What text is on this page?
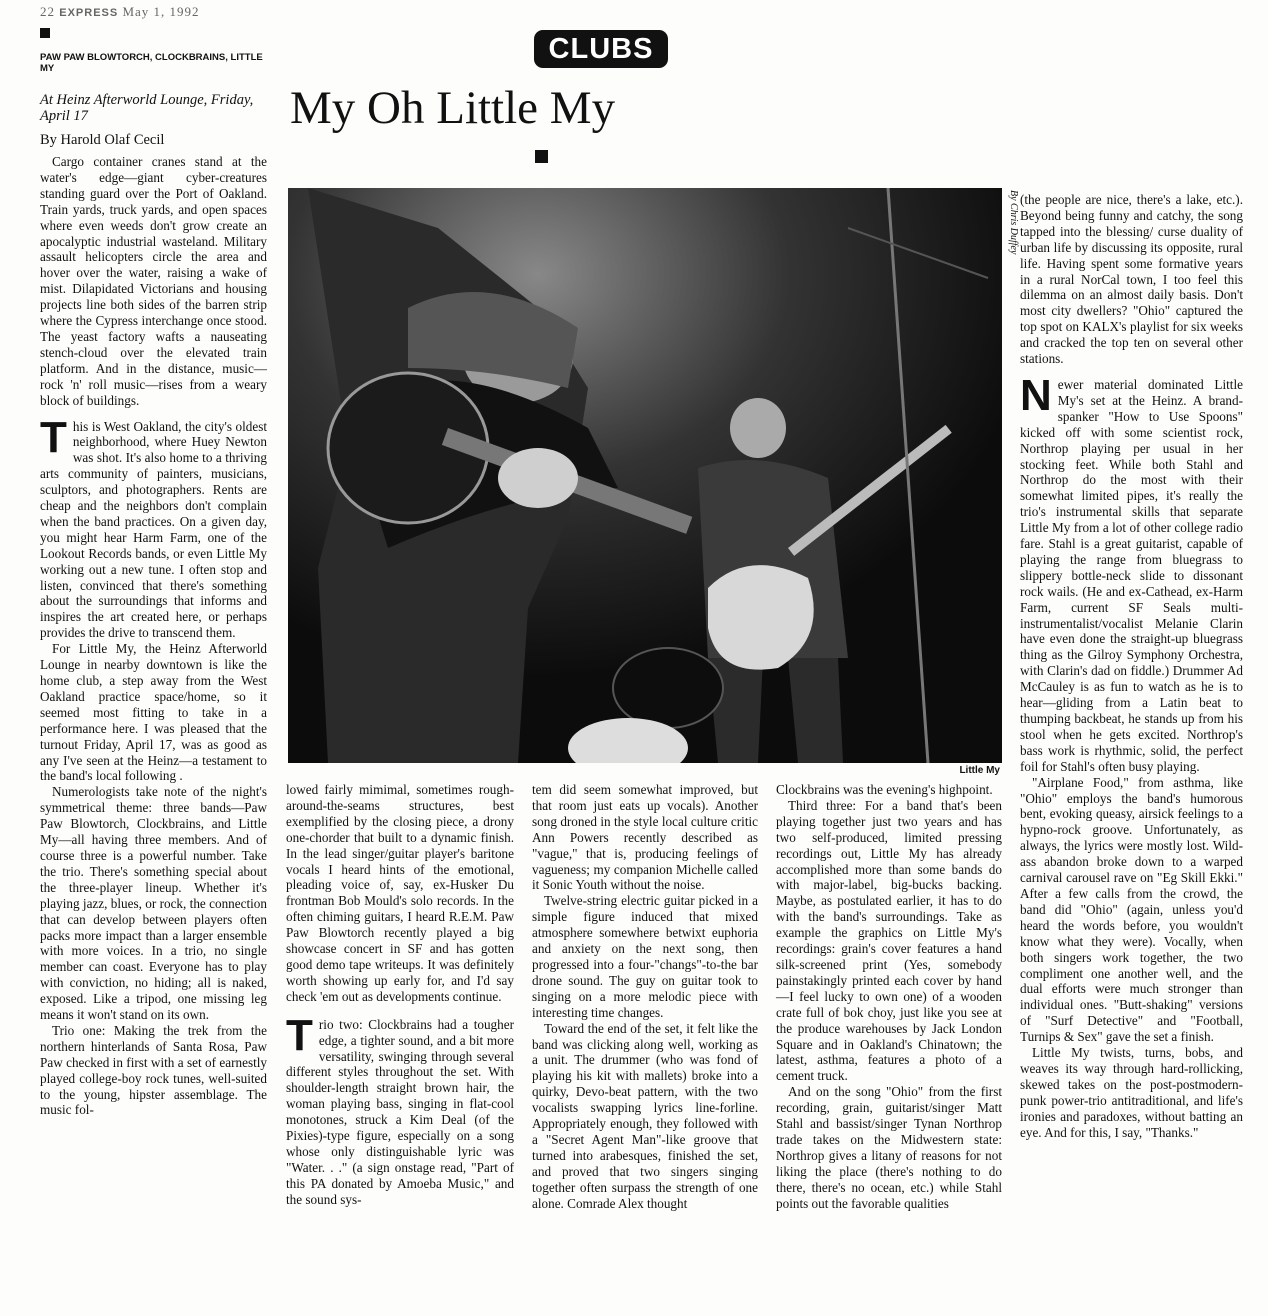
22 EXPRESS May 1, 1992
PAW PAW BLOWTORCH, CLOCKBRAINS, LITTLE MY
At Heinz Afterworld Lounge, Friday, April 17
By Harold Olaf Cecil
CLUBS
My Oh Little My
By Chris Duffey
Little My

Cargo container cranes stand at the water's edge—giant cyber-creatures standing guard over the Port of Oakland. Train yards, truck yards, and open spaces where even weeds don't grow create an apocalyptic industrial wasteland. Military assault helicopters circle the area and hover over the water, raising a wake of mist. Dilapidated Victorians and housing projects line both sides of the barren strip where the Cypress interchange once stood. The yeast factory wafts a nauseating stench-cloud over the elevated train platform. And in the distance, music—rock 'n' roll music—rises from a weary block of buildings.

This is West Oakland, the city's oldest neighborhood, where Huey Newton was shot. It's also home to a thriving arts community of painters, musicians, sculptors, and photographers. Rents are cheap and the neighbors don't complain when the band practices. On a given day, you might hear Harm Farm, one of the Lookout Records bands, or even Little My working out a new tune. I often stop and listen, convinced that there's something about the surroundings that informs and inspires the art created here, or perhaps provides the drive to transcend them.

For Little My, the Heinz Afterworld Lounge in nearby downtown is like the home club, a step away from the West Oakland practice space/home, so it seemed most fitting to take in a performance here. I was pleased that the turnout Friday, April 17, was as good as any I've seen at the Heinz—a testament to the band's local following .

Numerologists take note of the night's symmetrical theme: three bands—Paw Paw Blowtorch, Clockbrains, and Little My—all having three members. And of course three is a powerful number. Take the trio. There's something special about the three-player lineup. Whether it's playing jazz, blues, or rock, the connection that can develop between players often packs more impact than a larger ensemble with more voices. In a trio, no single member can coast. Everyone has to play with conviction, no hiding; all is naked, exposed. Like a tripod, one missing leg means it won't stand on its own.

Trio one: Making the trek from the northern hinterlands of Santa Rosa, Paw Paw checked in first with a set of earnestly played college-boy rock tunes, well-suited to the young, hipster assemblage. The music fol-

lowed fairly mimimal, sometimes rough-around-the-seams structures, best exemplified by the closing piece, a drony one-chorder that built to a dynamic finish. In the lead singer/guitar player's baritone vocals I heard hints of the emotional, pleading voice of, say, ex-Husker Du frontman Bob Mould's solo records. In the often chiming guitars, I heard R.E.M. Paw Paw Blowtorch recently played a big showcase concert in SF and has gotten good demo tape writeups. It was definitely worth showing up early for, and I'd say check 'em out as developments continue.

Trio two: Clockbrains had a tougher edge, a tighter sound, and a bit more versatility, swinging through several different styles throughout the set. With shoulder-length straight brown hair, the woman playing bass, singing in flat-cool monotones, struck a Kim Deal (of the Pixies)-type figure, especially on a song whose only distinguishable lyric was "Water. . ." (a sign onstage read, "Part of this PA donated by Amoeba Music," and the sound sys-

tem did seem somewhat improved, but that room just eats up vocals). Another song droned in the style local culture critic Ann Powers recently described as "vague," that is, producing feelings of vagueness; my companion Michelle called it Sonic Youth without the noise.

Twelve-string electric guitar picked in a simple figure induced that mixed atmosphere somewhere betwixt euphoria and anxiety on the next song, then progressed into a four-"changs"-to-the bar drone sound. The guy on guitar took to singing on a more melodic piece with interesting time changes.

Toward the end of the set, it felt like the band was clicking along well, working as a unit. The drummer (who was fond of playing his kit with mallets) broke into a quirky, Devo-beat pattern, with the two vocalists swapping lyrics line-forline. Appropriately enough, they followed with a "Secret Agent Man"-like groove that turned into arabesques, finished the set, and proved that two singers singing together often surpass the strength of one alone. Comrade Alex thought

Clockbrains was the evening's highpoint.

Third three: For a band that's been playing together just two years and has two self-produced, limited pressing recordings out, Little My has already accomplished more than some bands do with major-label, big-bucks backing. Maybe, as postulated earlier, it has to do with the band's surroundings. Take as example the graphics on Little My's recordings: grain's cover features a hand silk-screened print (Yes, somebody painstakingly printed each cover by hand—I feel lucky to own one) of a wooden crate full of bok choy, just like you see at the produce warehouses by Jack London Square and in Oakland's Chinatown; the latest, asthma, features a photo of a cement truck.

And on the song "Ohio" from the first recording, grain, guitarist/singer Matt Stahl and bassist/singer Tynan Northrop trade takes on the Midwestern state: Northrop gives a litany of reasons for not liking the place (there's nothing to do there, there's no ocean, etc.) while Stahl points out the favorable qualities

(the people are nice, there's a lake, etc.). Beyond being funny and catchy, the song tapped into the blessing/ curse duality of urban life by discussing its opposite, rural life. Having spent some formative years in a rural NorCal town, I too feel this dilemma on an almost daily basis. Don't most city dwellers? "Ohio" captured the top spot on KALX's playlist for six weeks and cracked the top ten on several other stations.

Newer material dominated Little My's set at the Heinz. A brand-spanker "How to Use Spoons" kicked off with some scientist rock, Northrop playing per usual in her stocking feet. While both Stahl and Northrop do the most with their somewhat limited pipes, it's really the trio's instrumental skills that separate Little My from a lot of other college radio fare. Stahl is a great guitarist, capable of playing the range from bluegrass to slippery bottle-neck slide to dissonant rock wails. (He and ex-Cathead, ex-Harm Farm, current SF Seals multi-instrumentalist/vocalist Melanie Clarin have even done the straight-up bluegrass thing as the Gilroy Symphony Orchestra, with Clarin's dad on fiddle.) Drummer Ad McCauley is as fun to watch as he is to hear—gliding from a Latin beat to thumping backbeat, he stands up from his stool when he gets excited. Northrop's bass work is rhythmic, solid, the perfect foil for Stahl's often busy playing.

"Airplane Food," from asthma, like "Ohio" employs the band's humorous bent, evoking queasy, airsick feelings to a hypno-rock groove. Unfortunately, as always, the lyrics were mostly lost. Wild-ass abandon broke down to a warped carnival carousel rave on "Eg Skill Ekki." After a few calls from the crowd, the band did "Ohio" (again, unless you'd heard the words before, you wouldn't know what they were). Vocally, when both singers work together, the two compliment one another well, and the dual efforts were much stronger than individual ones. "Butt-shaking" versions of "Surf Detective" and "Football, Turnips & Sex" gave the set a finish.

Little My twists, turns, bobs, and weaves its way through hard-rollicking, skewed takes on the post-postmodern-punk power-trio antitraditional, and life's ironies and paradoxes, without batting an eye. And for this, I say, "Thanks."
